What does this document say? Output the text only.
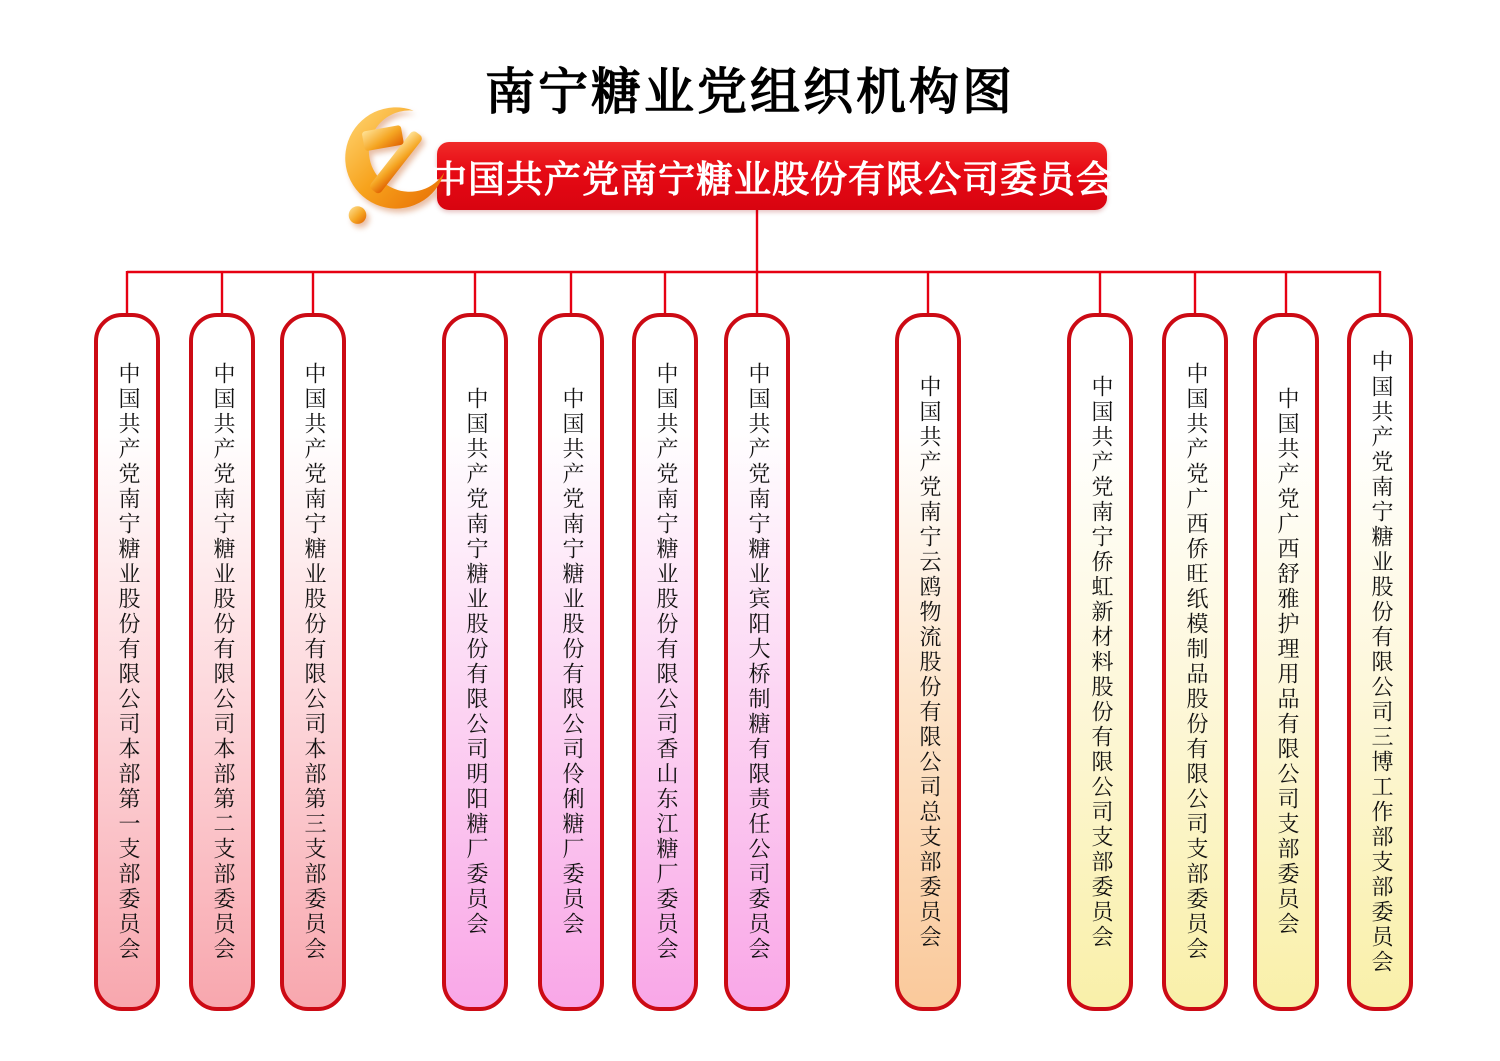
南宁糖业党组织机构图
中国共产党南宁糖业股份有限公司委员会
中国共产党南宁糖业股份有限公司本部第一支部委员会	中国共产党南宁糖业股份有限公司本部第二支部委员会	中国共产党南宁糖业股份有限公司本部第三支部委员会	中国共产党南宁糖业股份有限公司明阳糖厂委员会	中国共产党南宁糖业股份有限公司伶俐糖厂委员会	中国共产党南宁糖业股份有限公司香山东江糖厂委员会	中国共产党南宁糖业宾阳大桥制糖有限责任公司委员会	中国共产党南宁云鸥物流股份有限公司总支部委员会	中国共产党南宁侨虹新材料股份有限公司支部委员会	中国共产党广西侨旺纸模制品股份有限公司支部委员会	中国共产党广西舒雅护理用品有限公司支部委员会	中国共产党南宁糖业股份有限公司三博工作部支部委员会
